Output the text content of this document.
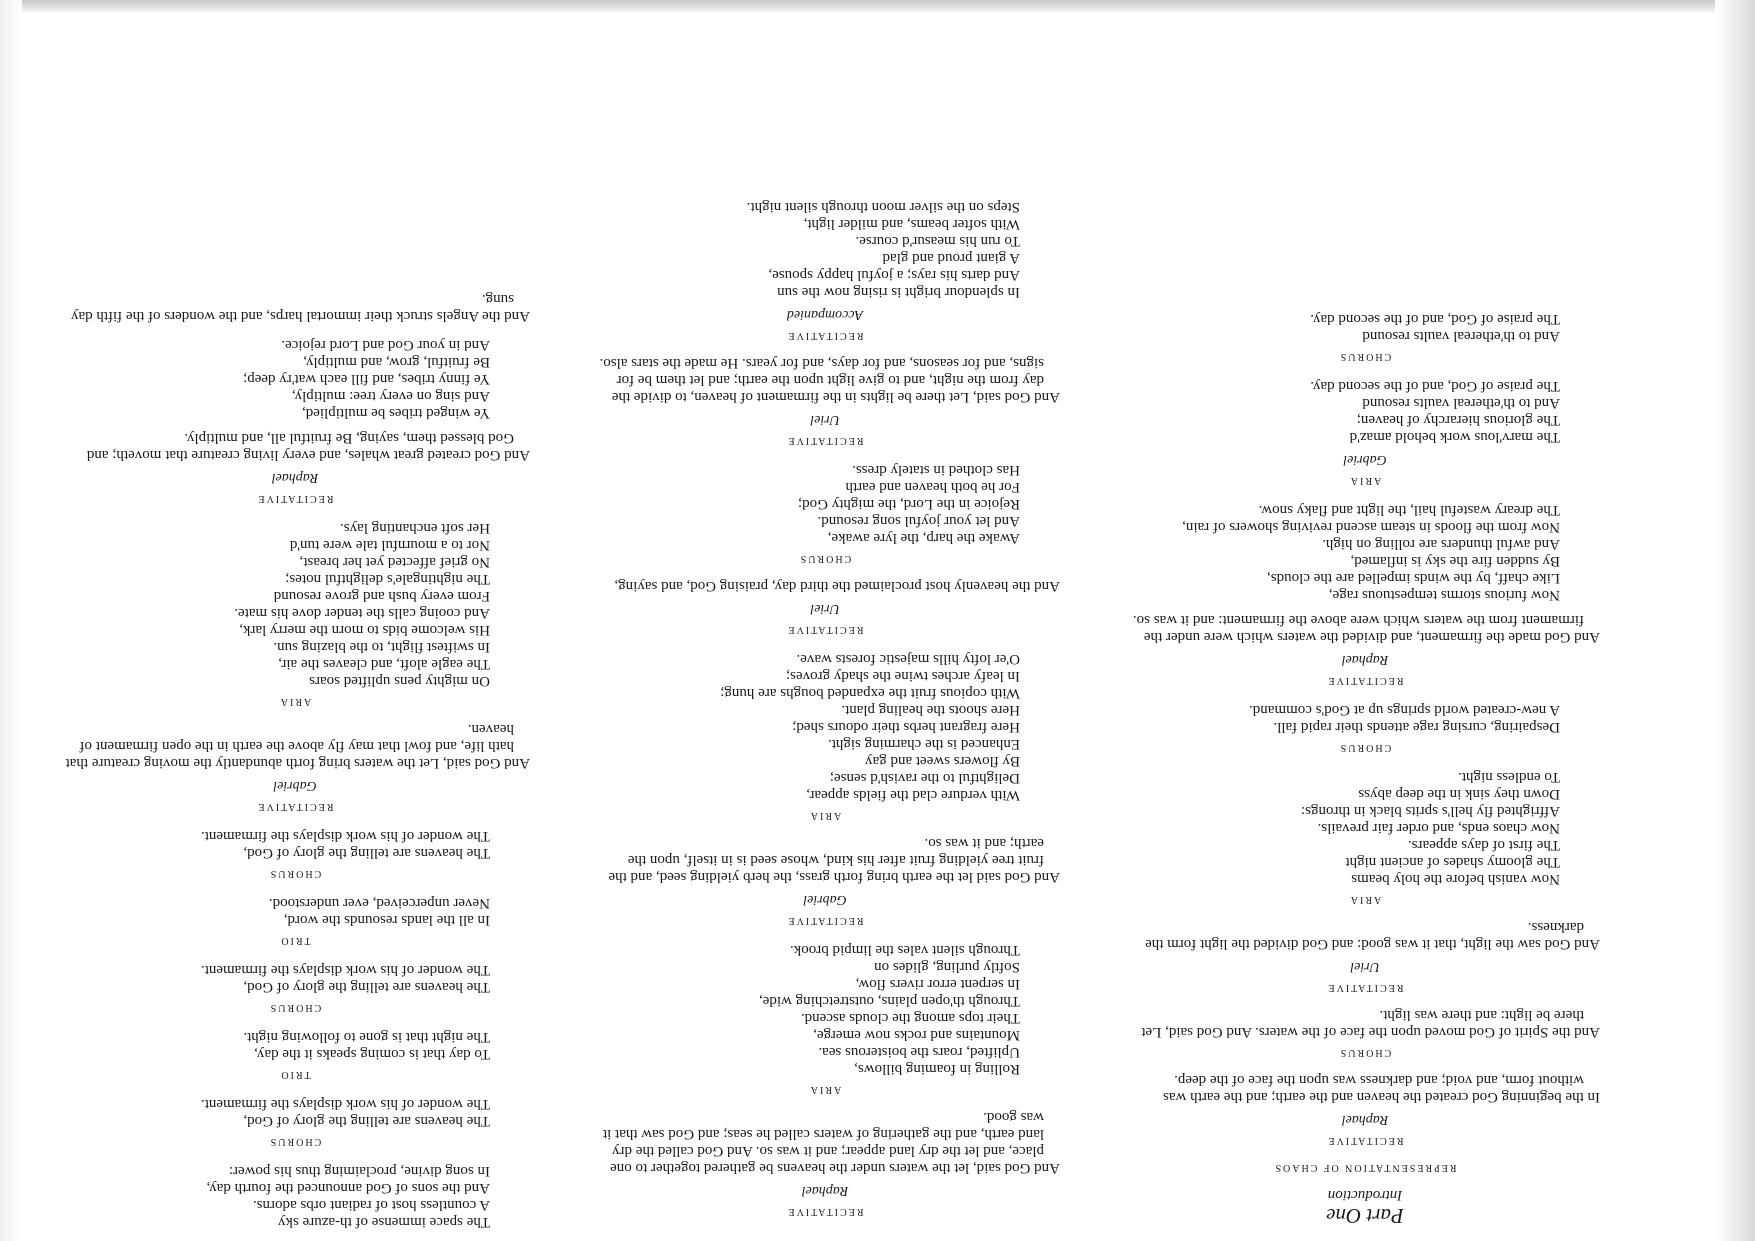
Part One
Introduction
REPRESENTATION OF CHAOS
RECITATIVE
Raphael
In the beginning God created the heaven and the earth; and the earth was without form, and void; and darkness was upon the face of the deep.
CHORUS
And the Spirit of God moved upon the face of the waters. And God said, Let there be light: and there was light.
RECITATIVE
Uriel
And God saw the light, that it was good: and God divided the light form the darkness.
ARIA
Now vanish before the holy beams
The gloomy shades of ancient night
The first of days appears.
Now chaos ends, and order fair prevails.
Affrighted fly hell's sprits black in throngs:
Down they sink in the deep abyss
To endless night.
CHORUS
Despairing, cursing rage attends their rapid fall.
A new-created world springs up at God's command.
RECITATIVE
Raphael
And God made the firmament, and divided the waters which were under the firmament from the waters which were above the firmament: and it was so.
Now furious storms tempestuous rage,
Like chaff, by the winds impelled are the clouds,
By sudden fire the sky is inflamed,
And awful thunders are rolling on high.
Now from the floods in steam ascend reviving showers of rain,
The dreary wasteful hail, the light and flaky snow.
ARIA
Gabriel
The marv'lous work behold amaz'd
The glorious hierarchy of heaven;
And to th'ethereal vaults resound
The praise of God, and of the second day.
CHORUS
And to th'ethereal vaults resound
The praise of God, and of the second day.
RECITATIVE
Raphael
And God said, let the waters under the heavens be gathered together to one place, and let the dry land appear; and it was so. And God called the dry land earth, and the gathering of waters called he seas; and God saw that it was good.
ARIA
Rolling in foaming billows,
Uplifted, roars the boisterous sea.
Mountains and rocks now emerge,
Their tops among the clouds ascend.
Through th'open plains, outstretching wide,
In serpent error rivers flow,
Softly purling, glides on
Through silent vales the limpid brook.
RECITATIVE
Gabriel
And God said let the earth bring forth grass, the herb yielding seed, and the fruit tree yielding fruit after his kind, whose seed is in itself, upon the earth; and it was so.
ARIA
With verdure clad the fields appear,
Delightful to the ravish'd sense;
By flowers sweet and gay
Enhanced is the charming sight.
Here fragrant herbs their odours shed;
Here shoots the healing plant.
With copious fruit the expanded boughs are hung;
In leafy arches twine the shady groves;
O'er lofty hills majestic forests wave.
RECITATIVE
Uriel
And the heavenly host proclaimed the third day, praising God, and saying,
CHORUS
Awake the harp, the lyre awake,
And let your joyful song resound.
Rejoice in the Lord, the mighty God;
For he both heaven and earth
Has clothed in stately dress.
RECITATIVE
Uriel
And God said, Let there be lights in the firmament of heaven, to divide the day from the night, and to give light upon the earth; and let them be for signs, and for seasons, and for days, and for years. He made the stars also.
RECITATIVE
Accompanied
In splendour bright is rising now the sun
And darts his rays; a joyful happy spouse,
A giant proud and glad
To run his measur'd course.
With softer beams, and milder light,
Steps on the silver moon through silent night.
The space immense of th-azure sky
A countless host of radiant orbs adorns.
And the sons of God announced the fourth day,
In song divine, proclaiming thus his power:
CHORUS
The heavens are telling the glory of God,
The wonder of his work displays the firmament.
TRIO
To day that is coming speaks it the day,
The night that is gone to following night.
CHORUS
The heavens are telling the glory of God,
The wonder of his work displays the firmament.
TRIO
In all the lands resounds the word,
Never unperceived, ever understood.
CHORUS
The heavens are telling the glory of God,
The wonder of his work displays the firmament.
RECITATIVE
Gabriel
And God said, Let the waters bring forth abundantly the moving creature that hath life, and fowl that may fly above the earth in the open firmament of heaven.
ARIA
On mighty pens uplifted soars
The eagle aloft, and cleaves the air,
In swiftest flight, to the blazing sun.
His welcome bids to morn the merry lark,
And cooing calls the tender dove his mate.
From every bush and grove resound
The nightingale's delightful notes;
No grief affected yet her breast,
Nor to a mournful tale were tun'd
Her soft enchanting lays.
RECITATIVE
Raphael
And God created great whales, and every living creature that moveth; and God blessed them, saying, Be fruitful all, and multiply.
Ye winged tribes be multiplied,
And sing on every tree: multiply,
Ye finny tribes, and fill each wat'ry deep;
Be fruitful, grow, and multiply,
And in your God and Lord rejoice.
And the Angels struck their immortal harps, and the wonders of the fifth day sung.
